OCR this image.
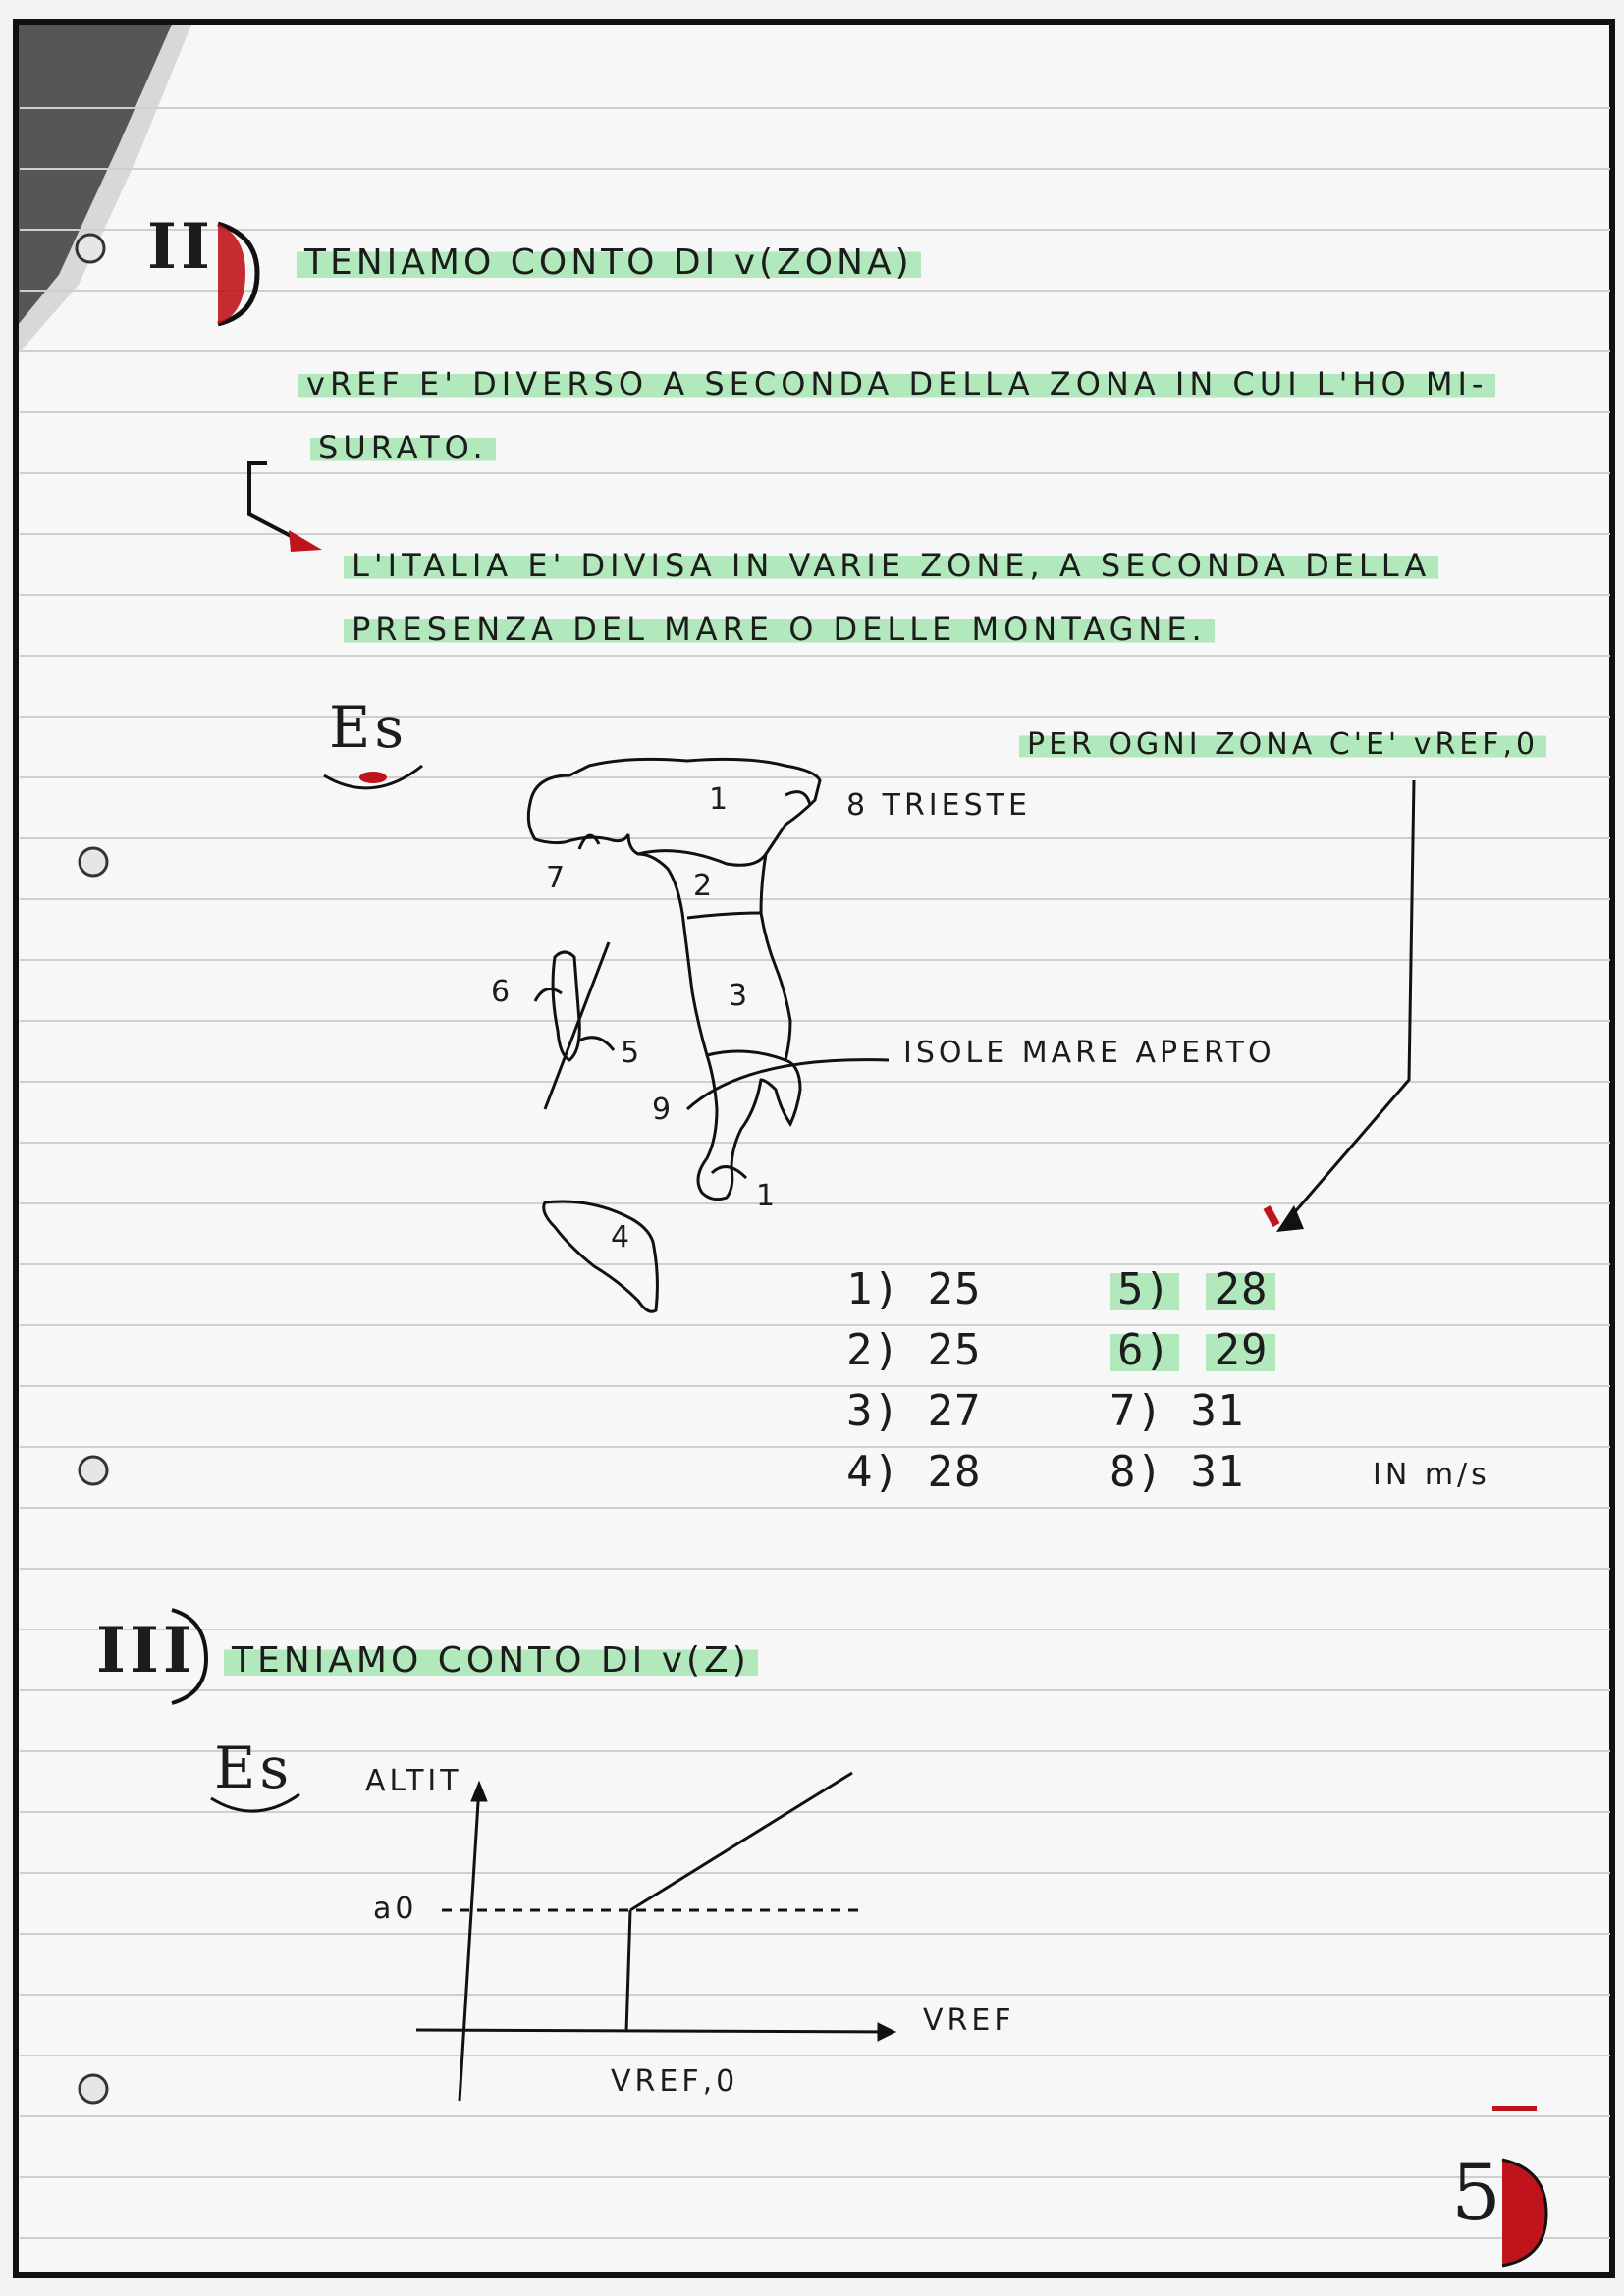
II	TENIAMO CONTO DI v(ZONA)
vREF E' DIVERSO A SECONDA DELLA ZONA IN CUI L'HO MI-
SURATO.
L'ITALIA E' DIVISA IN VARIE ZONE, A SECONDA DELLA
PRESENZA DEL MARE O DELLE MONTAGNE.
Es	PER OGNI ZONA C'E' vREF,0
1	8 TRIESTE
7	2
6	3
5	ISOLE MARE APERTO
9
1
4
1) 25
2) 25
3) 27
4) 28
5) 28
6) 29
7) 31
8) 31	IN m/s
III TENIAMO CONTO DI v(Z)
Es ALTIT
a0
VREF
VREF,0
5
